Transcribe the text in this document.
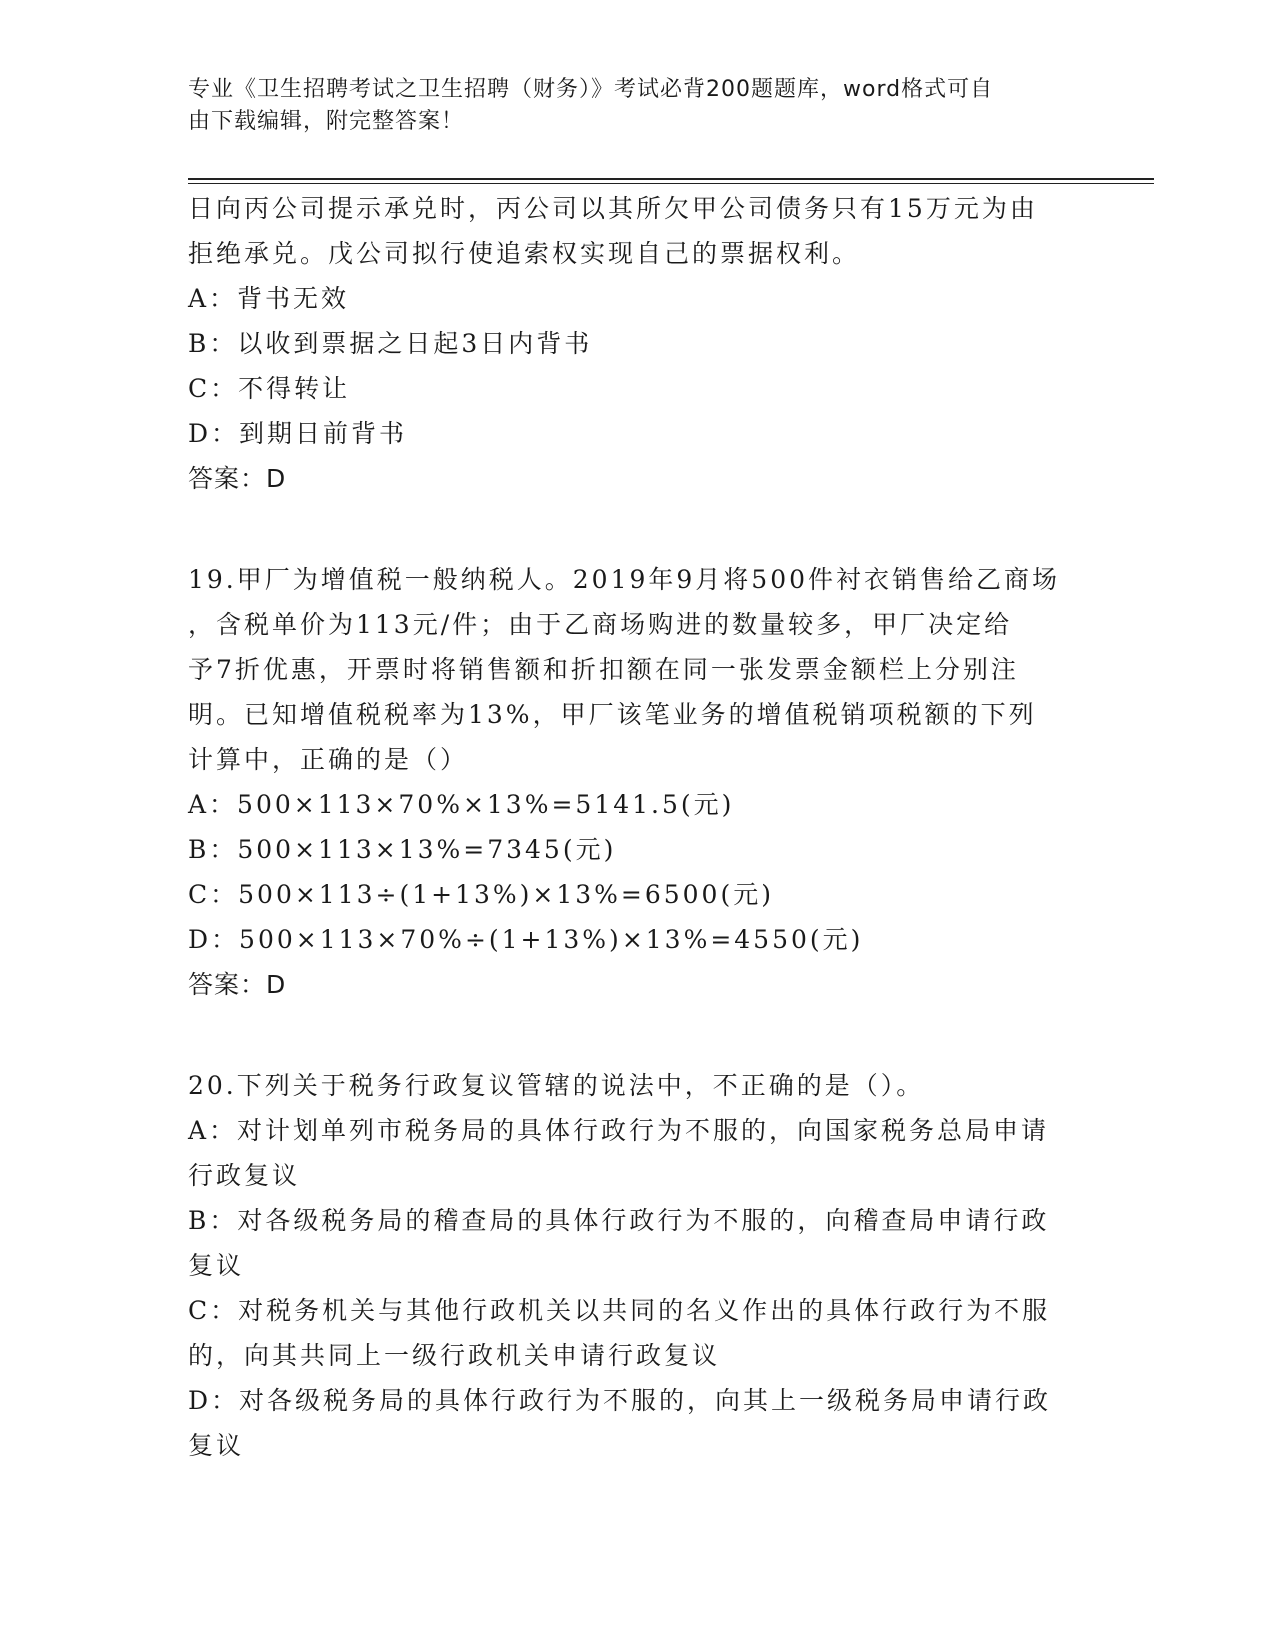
专业《卫生招聘考试之卫生招聘（财务）》考试必背200题题库，word格式可自
由下载编辑，附完整答案！
日向丙公司提示承兑时，丙公司以其所欠甲公司债务只有15万元为由
拒绝承兑。戊公司拟行使追索权实现自己的票据权利。
A：背书无效
B：以收到票据之日起3日内背书
C：不得转让
D：到期日前背书
答案：D
19.甲厂为增值税一般纳税人。2019年9月将500件衬衣销售给乙商场
，含税单价为113元/件；由于乙商场购进的数量较多，甲厂决定给
予7折优惠，开票时将销售额和折扣额在同一张发票金额栏上分别注
明。已知增值税税率为13%，甲厂该笔业务的增值税销项税额的下列
计算中，正确的是（）
A：500×113×70%×13%=5141.5(元)
B：500×113×13%=7345(元)
C：500×113÷(1+13%)×13%=6500(元)
D：500×113×70%÷(1+13%)×13%=4550(元)
答案：D
20.下列关于税务行政复议管辖的说法中，不正确的是（）。
A：对计划单列市税务局的具体行政行为不服的，向国家税务总局申请
行政复议
B：对各级税务局的稽查局的具体行政行为不服的，向稽查局申请行政
复议
C：对税务机关与其他行政机关以共同的名义作出的具体行政行为不服
的，向其共同上一级行政机关申请行政复议
D：对各级税务局的具体行政行为不服的，向其上一级税务局申请行政
复议
